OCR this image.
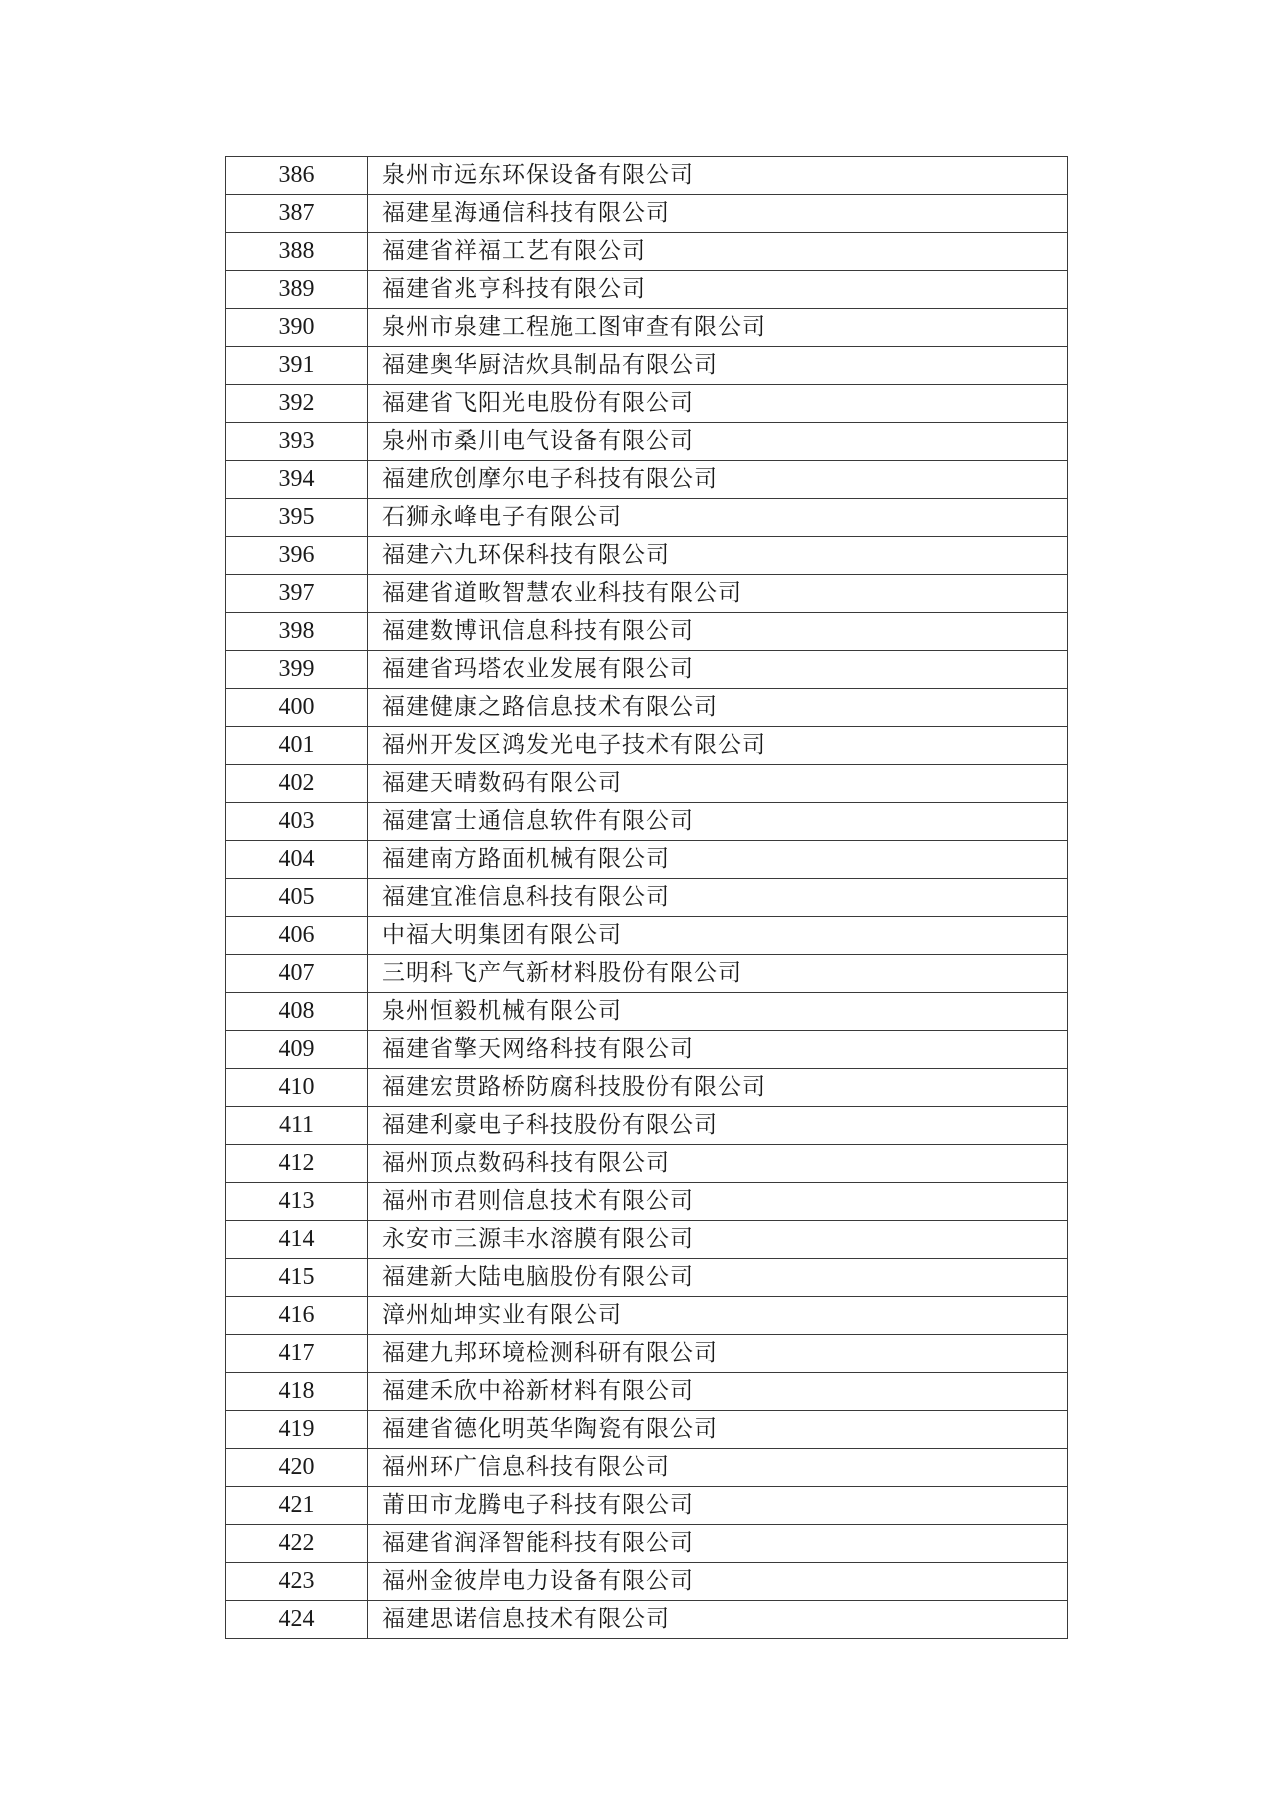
386	泉州市远东环保设备有限公司
387	福建星海通信科技有限公司
388	福建省祥福工艺有限公司
389	福建省兆亨科技有限公司
390	泉州市泉建工程施工图审查有限公司
391	福建奥华厨洁炊具制品有限公司
392	福建省飞阳光电股份有限公司
393	泉州市桑川电气设备有限公司
394	福建欣创摩尔电子科技有限公司
395	石狮永峰电子有限公司
396	福建六九环保科技有限公司
397	福建省道畋智慧农业科技有限公司
398	福建数博讯信息科技有限公司
399	福建省玛塔农业发展有限公司
400	福建健康之路信息技术有限公司
401	福州开发区鸿发光电子技术有限公司
402	福建天晴数码有限公司
403	福建富士通信息软件有限公司
404	福建南方路面机械有限公司
405	福建宜准信息科技有限公司
406	中福大明集团有限公司
407	三明科飞产气新材料股份有限公司
408	泉州恒毅机械有限公司
409	福建省擎天网络科技有限公司
410	福建宏贯路桥防腐科技股份有限公司
411	福建利豪电子科技股份有限公司
412	福州顶点数码科技有限公司
413	福州市君则信息技术有限公司
414	永安市三源丰水溶膜有限公司
415	福建新大陆电脑股份有限公司
416	漳州灿坤实业有限公司
417	福建九邦环境检测科研有限公司
418	福建禾欣中裕新材料有限公司
419	福建省德化明英华陶瓷有限公司
420	福州环广信息科技有限公司
421	莆田市龙腾电子科技有限公司
422	福建省润泽智能科技有限公司
423	福州金彼岸电力设备有限公司
424	福建思诺信息技术有限公司
